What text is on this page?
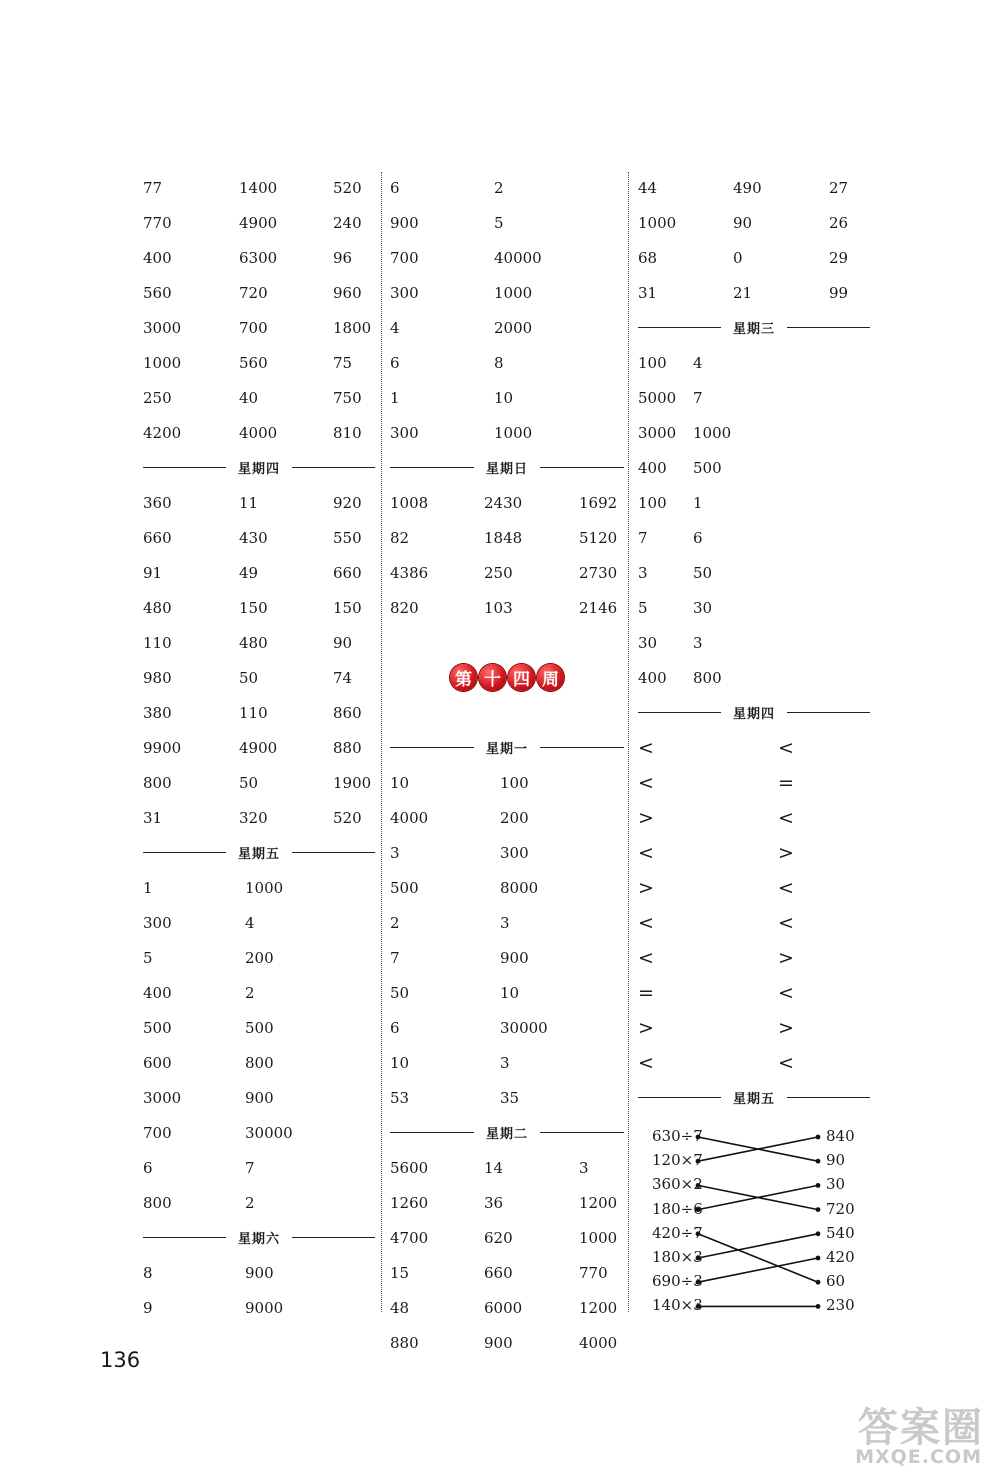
77	1400	520
770	4900	240
400	6300	96
560	720	960
3000	700	1800
1000	560	75
250	40	750
4200	4000	810
星期四
360	11	920
660	430	550
91	49	660
480	150	150
110	480	90
980	50	74
380	110	860
9900	4900	880
800	50	1900
31	320	520
星期五
1	1000
300	4
5	200
400	2
500	500
600	800
3000	900
700	30000
6	7
800	2
星期六
8	900
9	9000
6	2
900	5
700	40000
300	1000
4	2000
6	8
1	10
300	1000
星期日
1008	2430	1692
82	1848	5120
4386	250	2730
820	103	2146
第 十 四 周
星期一
10	100
4000	200
3	300
500	8000
2	3
7	900
50	10
6	30000
10	3
53	35
星期二
5600	14	3
1260	36	1200
4700	620	1000
15	660	770
48	6000	1200
880	900	4000
44	490	27
1000	90	26
68	0	29
31	21	99
星期三
100	4
5000	7
3000	1000
400	500
100	1
7	6
3	50
5	30
30	3
400	800
星期四
<	<
<	=
>	<
<	>
>	<
<	<
<	>
=	<
>	>
<	<
星期五
630÷7
120×7
360×2
180÷6
420÷7
180×3
690÷3
140×3
840
90
30
720
540
420
60
230
136
答案圈
MXQE.COM
